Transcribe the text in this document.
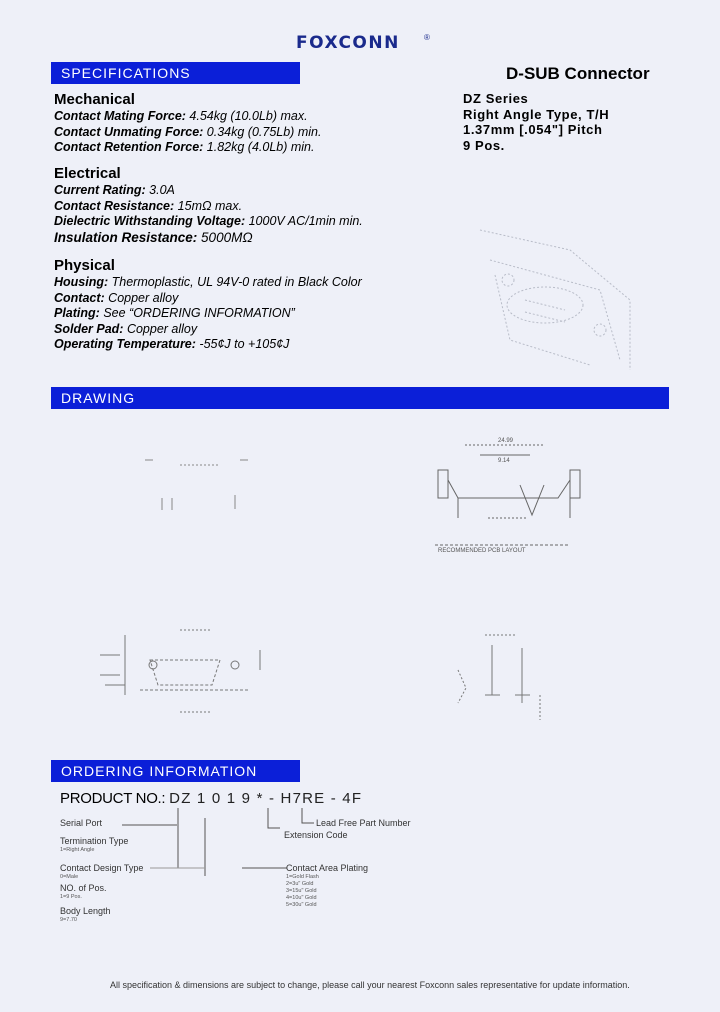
FOXCONN	®
SPECIFICATIONS	D-SUB Connector
DZ Series
Right Angle Type, T/H
1.37mm [.054"] Pitch
9 Pos.
Mechanical
Contact Mating Force: 4.54kg (10.0Lb) max.
Contact Unmating Force: 0.34kg (0.75Lb) min.
Contact Retention Force: 1.82kg (4.0Lb) min.
Electrical
Current Rating: 3.0A
Contact Resistance: 15mΩ max.
Dielectric Withstanding Voltage: 1000V AC/1min min.
Insulation Resistance: 5000MΩ
Physical
Housing: Thermoplastic, UL 94V-0 rated in Black Color
Contact: Copper alloy
Plating: See “ORDERING INFORMATION”
Solder Pad: Copper alloy
Operating Temperature: -55¢J to +105¢J
DRAWING
24.99
9.14
RECOMMENDED PCB LAYOUT
ORDERING INFORMATION
PRODUCT NO.: DZ 1 0 1 9 * - H7RE - 4F
Serial Port
Termination Type
1=Right Angle
Contact Design Type
0=Male
NO. of Pos.
1=9 Pos.
Body Length
9=7.70
Lead Free Part Number
Extension Code
Contact Area Plating
1=Gold Flash
2=3u" Gold
3=15u" Gold
4=10u" Gold
5=30u" Gold
All specification & dimensions are subject to change, please call your nearest Foxconn sales representative for update information.
